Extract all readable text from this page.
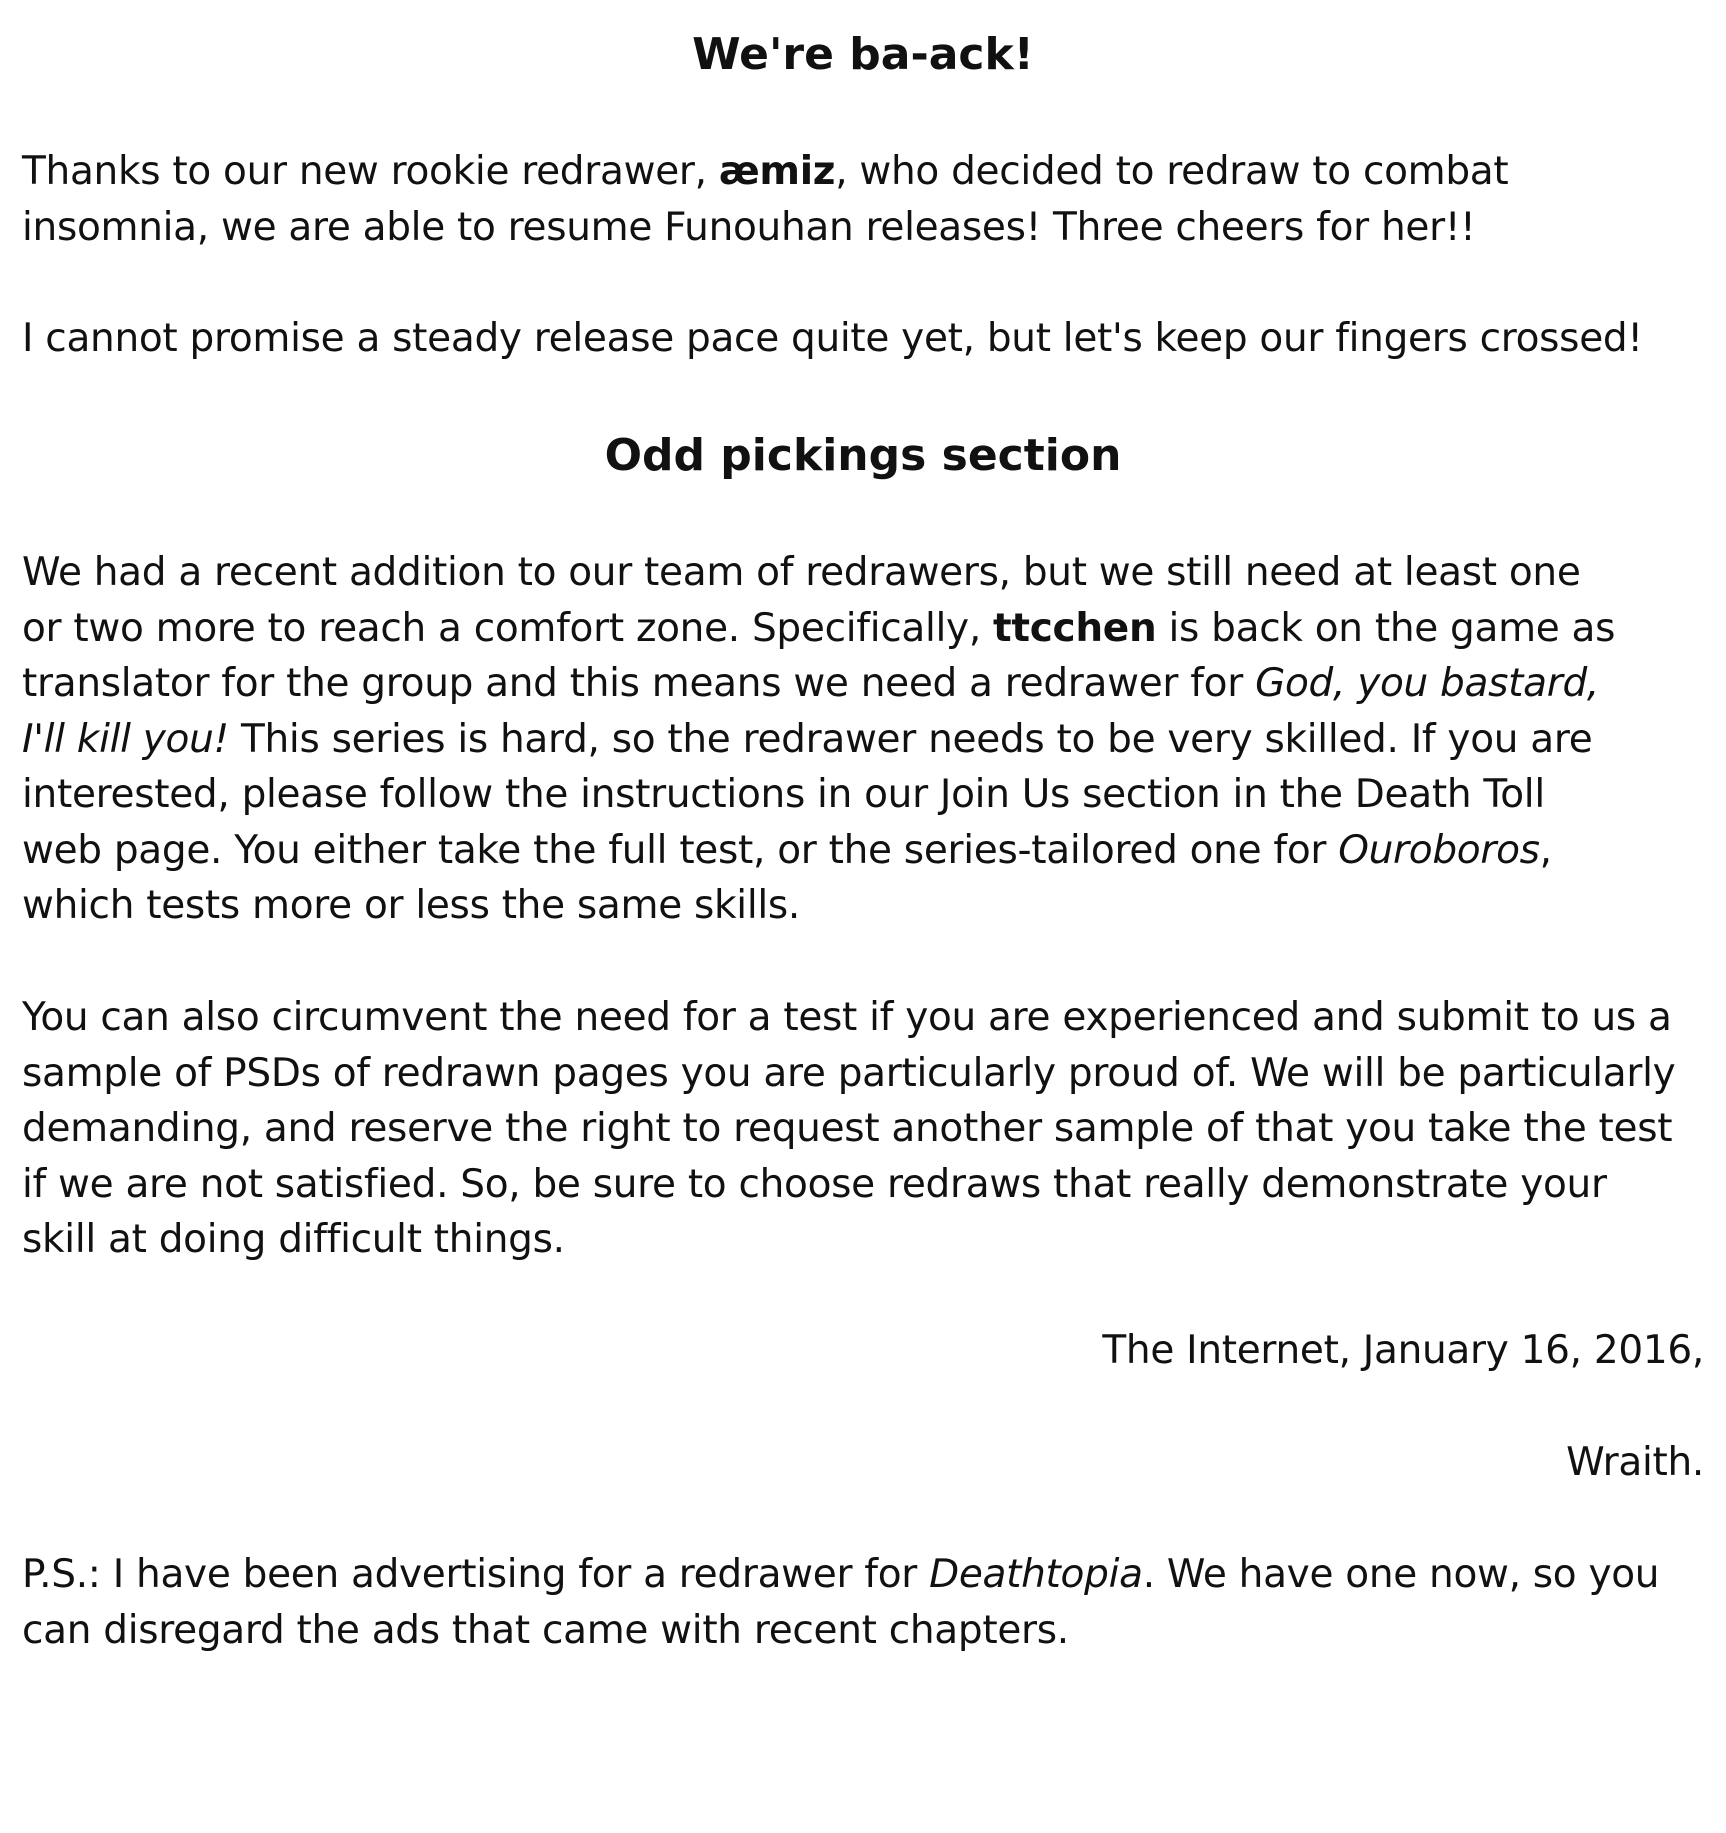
We're ba-ack!

Thanks to our new rookie redrawer, æmiz, who decided to redraw to combat
insomnia, we are able to resume Funouhan releases! Three cheers for her!!

I cannot promise a steady release pace quite yet, but let's keep our fingers crossed!

Odd pickings section

We had a recent addition to our team of redrawers, but we still need at least one
or two more to reach a comfort zone. Specifically, ttcchen is back on the game as
translator for the group and this means we need a redrawer for God, you bastard,
I'll kill you! This series is hard, so the redrawer needs to be very skilled. If you are
interested, please follow the instructions in our Join Us section in the Death Toll
web page. You either take the full test, or the series-tailored one for Ouroboros,
which tests more or less the same skills.

You can also circumvent the need for a test if you are experienced and submit to us a
sample of PSDs of redrawn pages you are particularly proud of. We will be particularly
demanding, and reserve the right to request another sample of that you take the test
if we are not satisfied. So, be sure to choose redraws that really demonstrate your
skill at doing difficult things.

The Internet, January 16, 2016,

Wraith.

P.S.: I have been advertising for a redrawer for Deathtopia. We have one now, so you
can disregard the ads that came with recent chapters.
